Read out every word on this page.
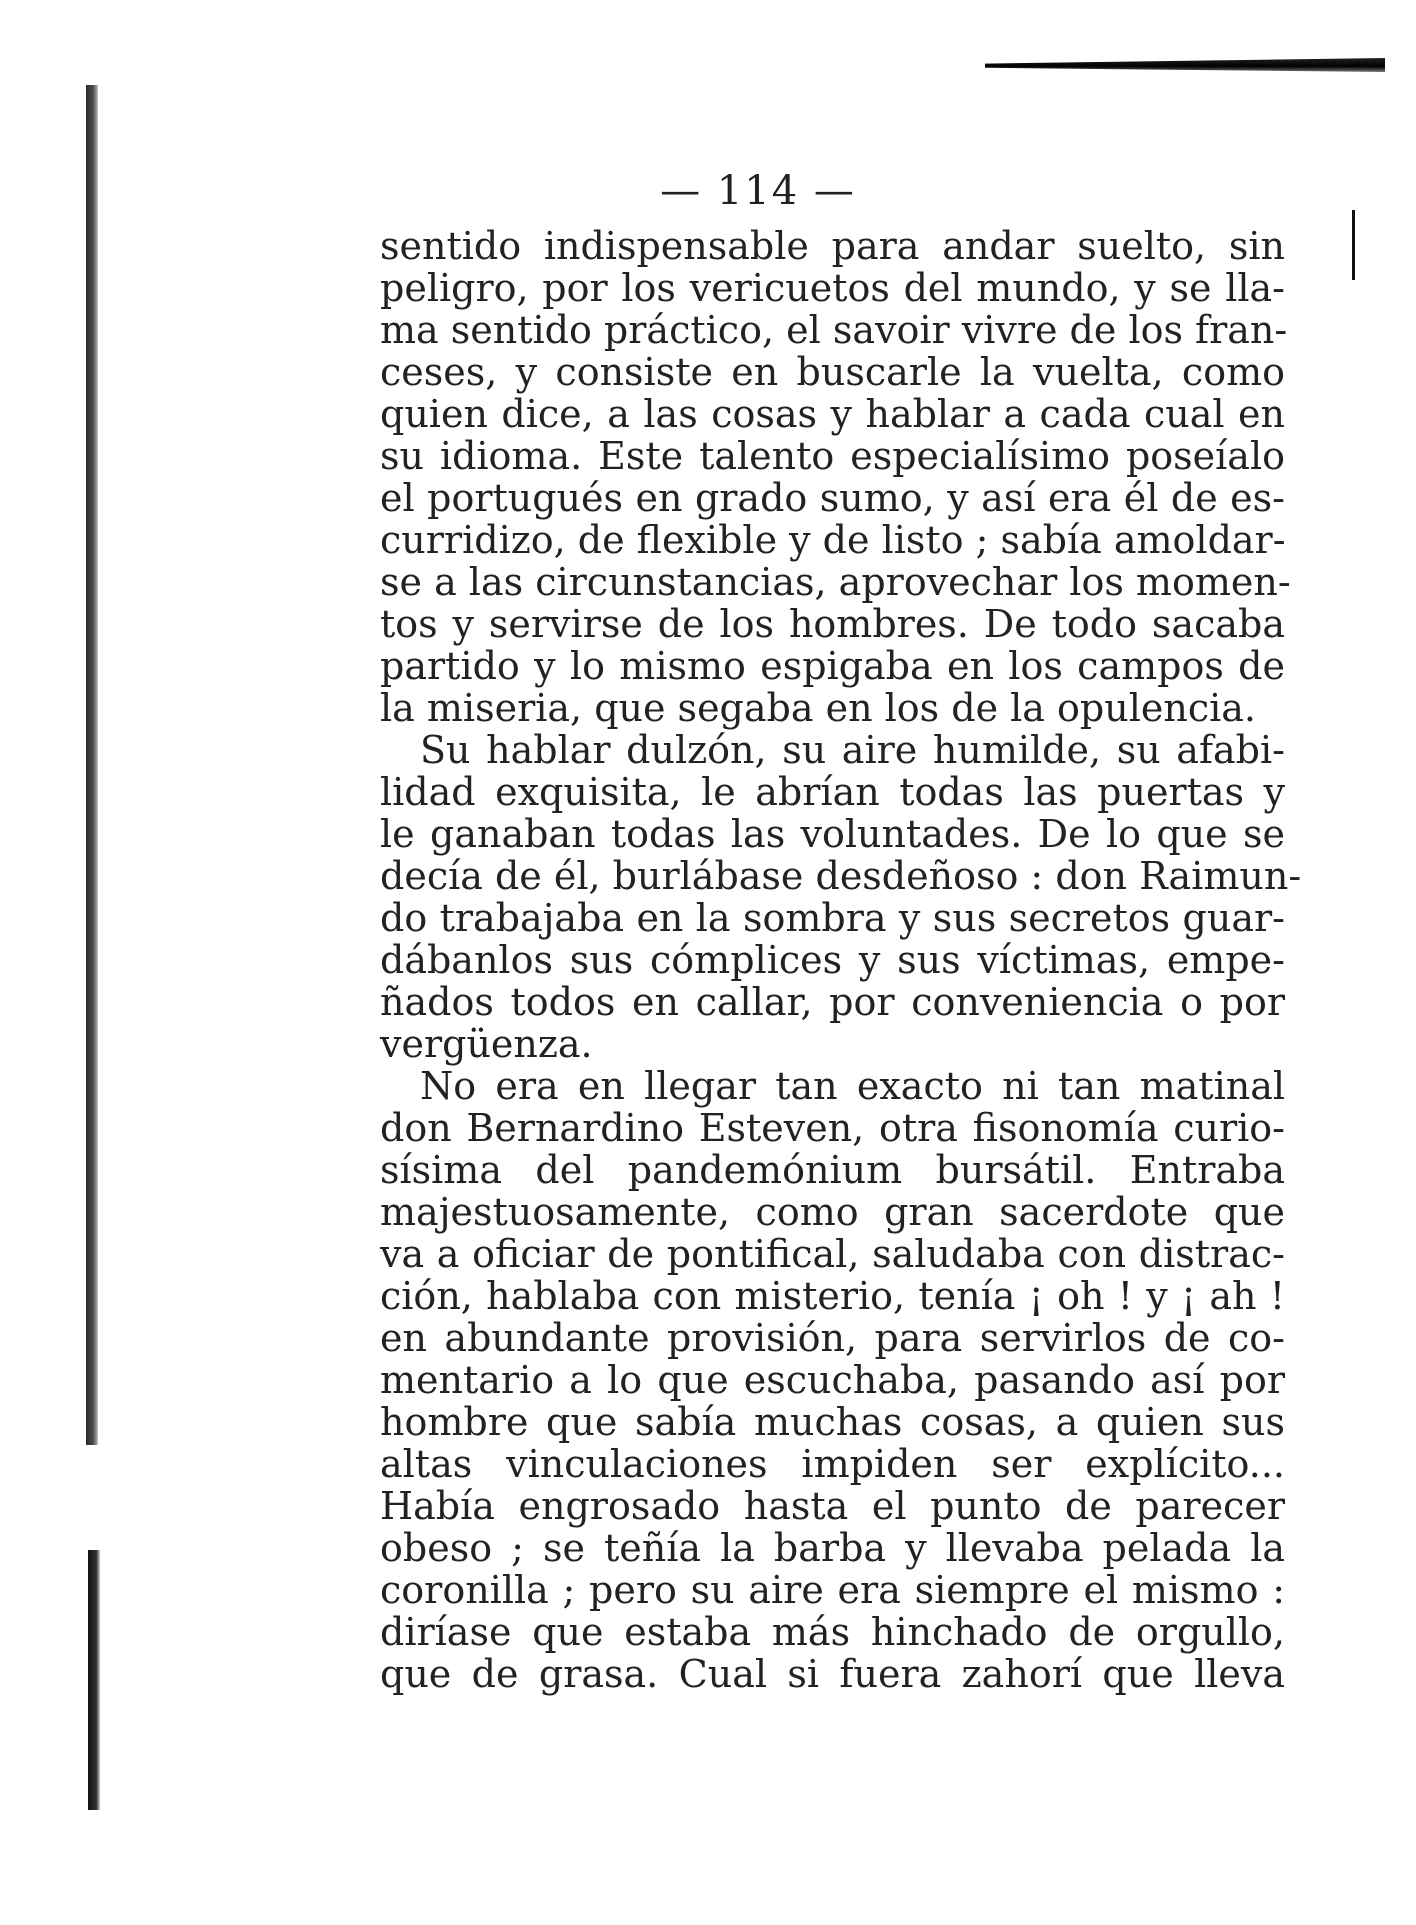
— 114 —
sentido indispensable para andar suelto, sin
peligro, por los vericuetos del mundo, y se lla-
ma sentido práctico, el savoir vivre de los fran-
ceses, y consiste en buscarle la vuelta, como
quien dice, a las cosas y hablar a cada cual en
su idioma. Este talento especialísimo poseíalo
el portugués en grado sumo, y así era él de es-
curridizo, de flexible y de listo ; sabía amoldar-
se a las circunstancias, aprovechar los momen-
tos y servirse de los hombres. De todo sacaba
partido y lo mismo espigaba en los campos de
la miseria, que segaba en los de la opulencia.
Su hablar dulzón, su aire humilde, su afabi-
lidad exquisita, le abrían todas las puertas y
le ganaban todas las voluntades. De lo que se
decía de él, burlábase desdeñoso : don Raimun-
do trabajaba en la sombra y sus secretos guar-
dábanlos sus cómplices y sus víctimas, empe-
ñados todos en callar, por conveniencia o por
vergüenza.
No era en llegar tan exacto ni tan matinal
don Bernardino Esteven, otra fisonomía curio-
sísima del pandemónium bursátil. Entraba
majestuosamente, como gran sacerdote que
va a oficiar de pontifical, saludaba con distrac-
ción, hablaba con misterio, tenía ¡ oh ! y ¡ ah !
en abundante provisión, para servirlos de co-
mentario a lo que escuchaba, pasando así por
hombre que sabía muchas cosas, a quien sus
altas vinculaciones impiden ser explícito...
Había engrosado hasta el punto de parecer
obeso ; se teñía la barba y llevaba pelada la
coronilla ; pero su aire era siempre el mismo :
diríase que estaba más hinchado de orgullo,
que de grasa. Cual si fuera zahorí que lleva
